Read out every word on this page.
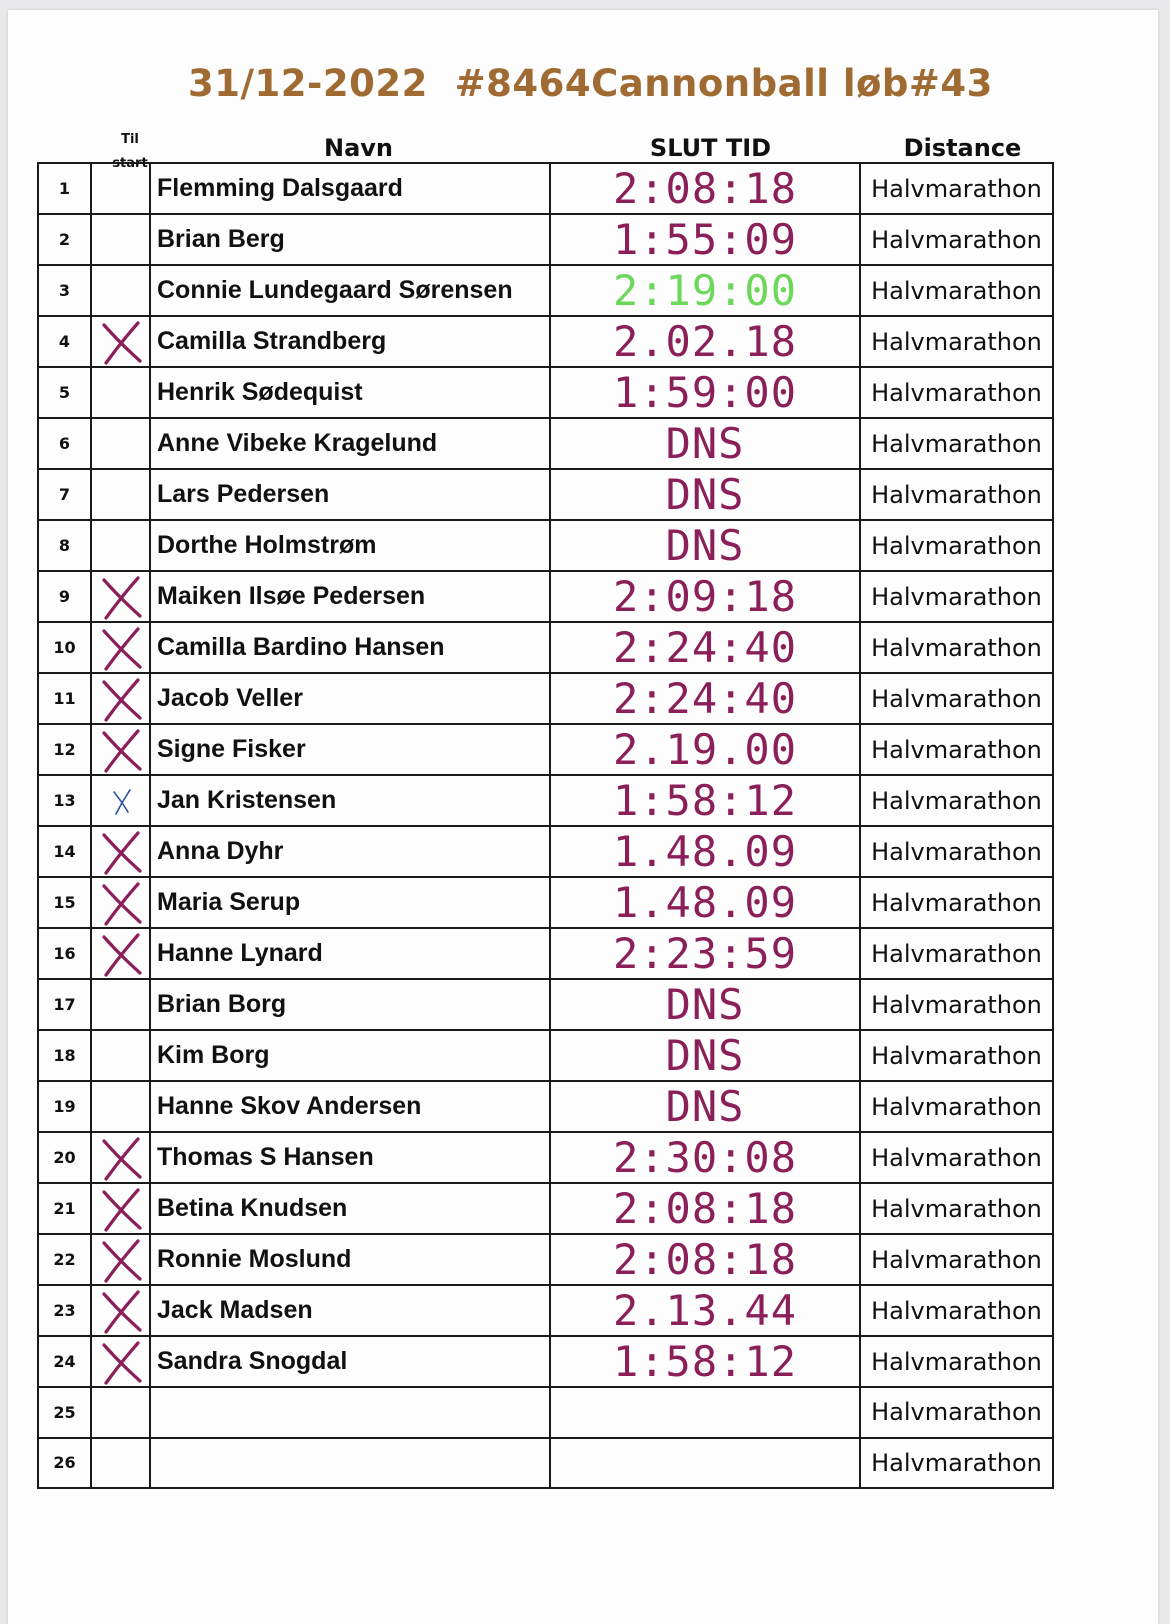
31/12-2022  #8464Cannonball løb#43
Til start
Navn	SLUT TID	Distance
1		Flemming Dalsgaard	2:08:18	Halvmarathon
2		Brian Berg	1:55:09	Halvmarathon
3		Connie Lundegaard Sørensen	2:19:00	Halvmarathon
4		Camilla Strandberg	2.02.18	Halvmarathon
5		Henrik Sødequist	1:59:00	Halvmarathon
6		Anne Vibeke Kragelund	DNS	Halvmarathon
7		Lars Pedersen	DNS	Halvmarathon
8		Dorthe Holmstrøm	DNS	Halvmarathon
9		Maiken Ilsøe Pedersen	2:09:18	Halvmarathon
10		Camilla Bardino Hansen	2:24:40	Halvmarathon
11		Jacob Veller	2:24:40	Halvmarathon
12		Signe Fisker	2.19.00	Halvmarathon
13		Jan Kristensen	1:58:12	Halvmarathon
14		Anna Dyhr	1.48.09	Halvmarathon
15		Maria Serup	1.48.09	Halvmarathon
16		Hanne Lynard	2:23:59	Halvmarathon
17		Brian Borg	DNS	Halvmarathon
18		Kim Borg	DNS	Halvmarathon
19		Hanne Skov Andersen	DNS	Halvmarathon
20		Thomas S Hansen	2:30:08	Halvmarathon
21		Betina Knudsen	2:08:18	Halvmarathon
22		Ronnie Moslund	2:08:18	Halvmarathon
23		Jack Madsen	2.13.44	Halvmarathon
24		Sandra Snogdal	1:58:12	Halvmarathon
25				Halvmarathon
26				Halvmarathon
